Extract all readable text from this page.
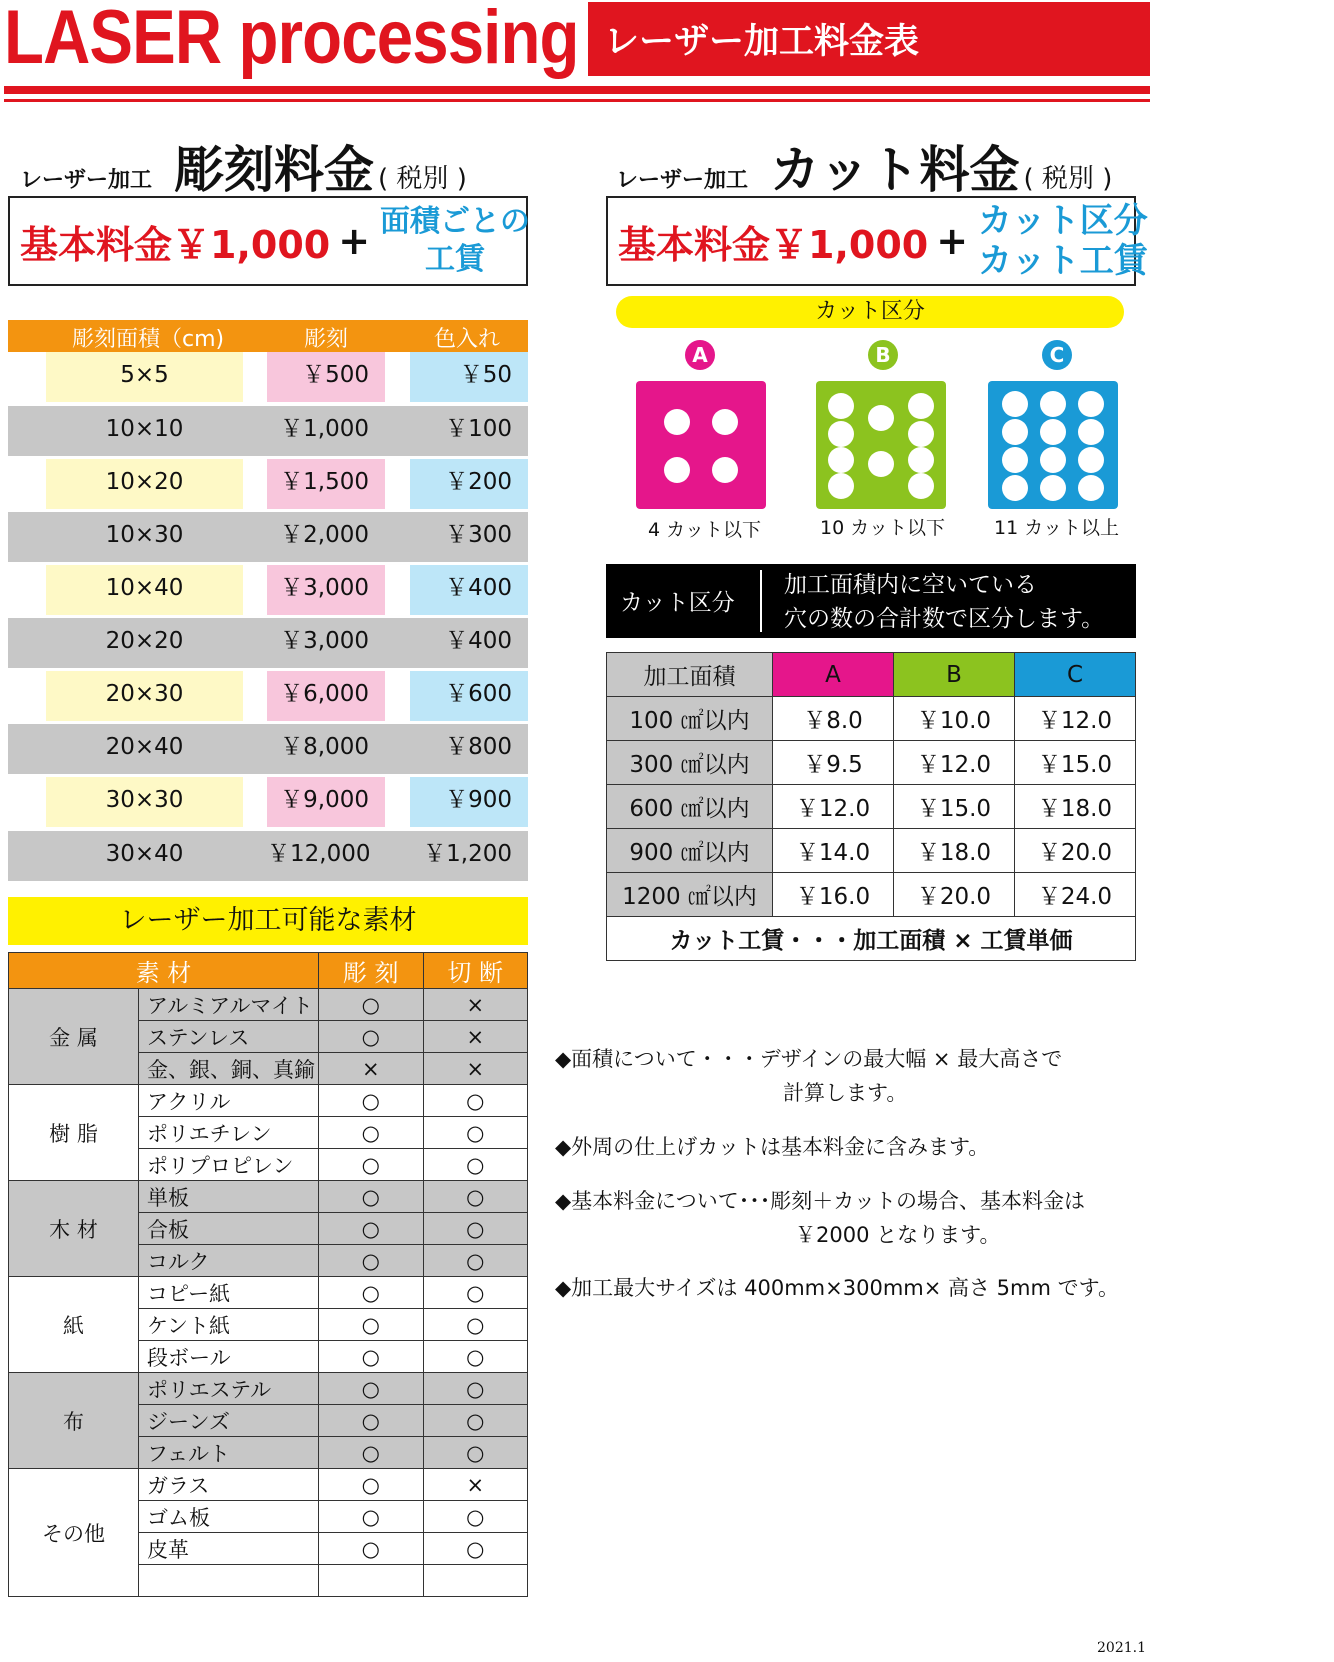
LASER processing レーザー加工料金表	( 素材・ジグ別途 )
レーザー加工 彫刻料金 ( 税別 )
基本料金￥1,000 + 面積ごとの
工賃
彫刻面積（cm)	彫刻	色入れ
5×5	￥500	￥50
10×10	￥1,000	￥100
10×20	￥1,500	￥200
10×30	￥2,000	￥300
10×40	￥3,000	￥400
20×20	￥3,000	￥400
20×30	￥6,000	￥600
20×40	￥8,000	￥800
30×30	￥9,000	￥900
30×40	￥12,000	￥1,200
レーザー加工可能な素材
素 材		彫 刻	切 断
金 属	アルミアルマイト	○	×
	ステンレス	○	×
	金、銀、銅、真鍮	×	×
樹 脂	アクリル	○	○
	ポリエチレン	○	○
	ポリプロピレン	○	○
木 材	単板	○	○
	合板	○	○
	コルク	○	○
紙	コピー紙	○	○
	ケント紙	○	○
	段ボール	○	○
布	ポリエステル	○	○
	ジーンズ	○	○
	フェルト	○	○
その他	ガラス	○	×
	ゴム板	○	○
	皮革	○	○

レーザー加工 カット料金 ( 税別 )
基本料金￥1,000 + カット区分
カット工賃
カット区分
A
4 カット以下
B
10 カット以下
C
11 カット以上
カット区分
加工面積内に空いている
穴の数の合計数で区分します。
加工面積	A	B	C
100 ㎠以内	￥8.0	￥10.0	￥12.0
300 ㎠以内	￥9.5	￥12.0	￥15.0
600 ㎠以内	￥12.0	￥15.0	￥18.0
900 ㎠以内	￥14.0	￥18.0	￥20.0
1200 ㎠以内	￥16.0	￥20.0	￥24.0
カット工賃・・・加工面積 × 工賃単価			
◆面積について・・・デザインの最大幅 × 最大高さで
計算します。
◆外周の仕上げカットは基本料金に含みます。
◆基本料金について･･･彫刻＋カットの場合、基本料金は
￥2000 となります。
◆加工最大サイズは 400mm×300mm× 高さ 5mm です。
2021.1
